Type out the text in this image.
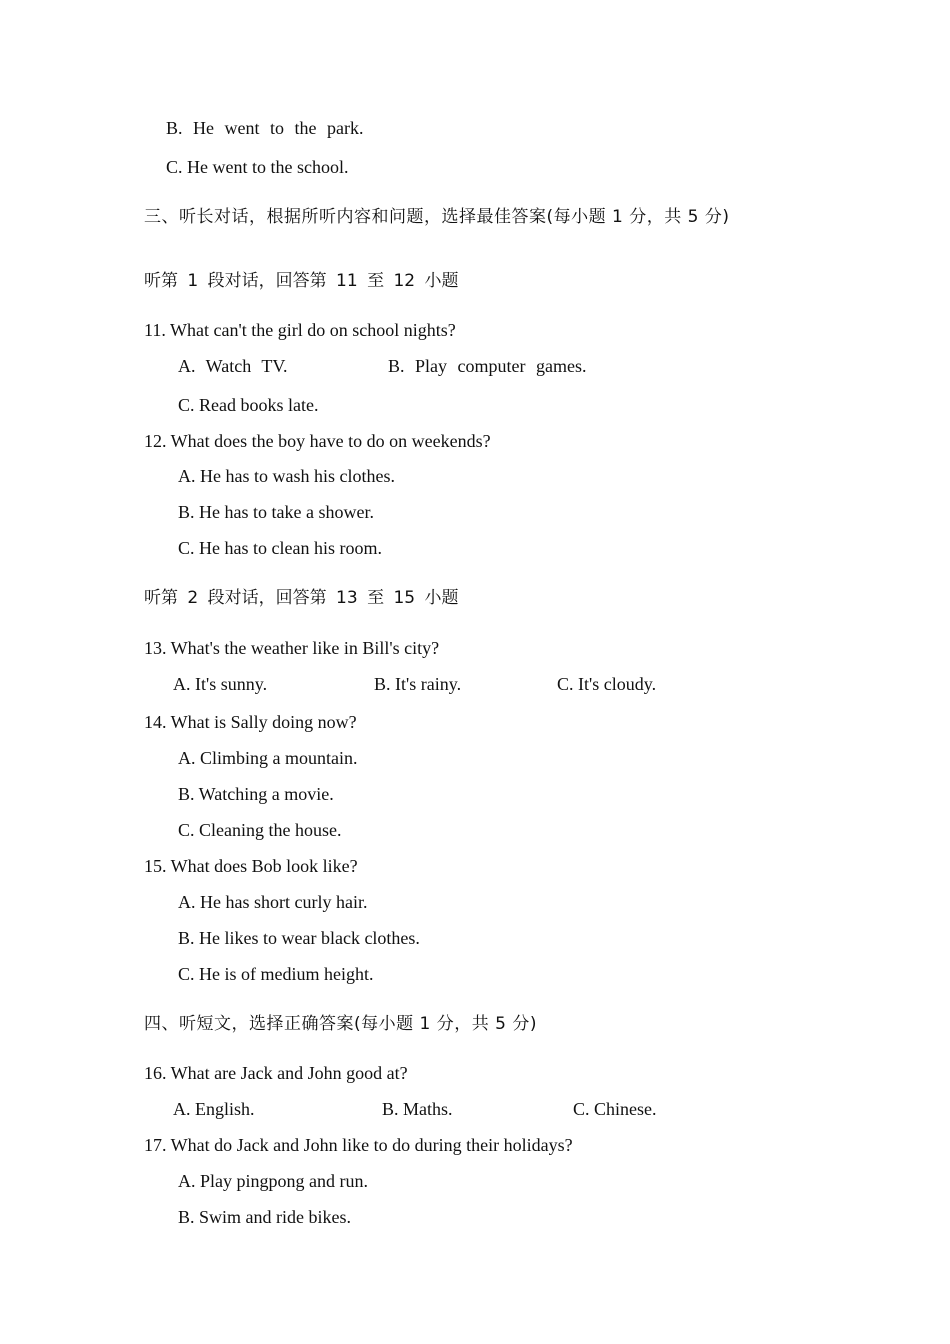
B. He went to the park.
C. He went to the school.
三、听长对话，根据所听内容和问题，选择最佳答案(每小题 1 分，共 5 分)
听第 1 段对话，回答第 11 至 12 小题
11. What can't the girl do on school nights?
A. Watch TV.	B. Play computer games.
C. Read books late.
12. What does the boy have to do on weekends?
A. He has to wash his clothes.
B. He has to take a shower.
C. He has to clean his room.
听第 2 段对话，回答第 13 至 15 小题
13. What's the weather like in Bill's city?
A. It's sunny.	B. It's rainy.	C. It's cloudy.
14. What is Sally doing now?
A. Climbing a mountain.
B. Watching a movie.
C. Cleaning the house.
15. What does Bob look like?
A. He has short curly hair.
B. He likes to wear black clothes.
C. He is of medium height.
四、听短文，选择正确答案(每小题 1 分，共 5 分)
16. What are Jack and John good at?
A. English.	B. Maths.	C. Chinese.
17. What do Jack and John like to do during their holidays?
A. Play pingpong and run.
B. Swim and ride bikes.
